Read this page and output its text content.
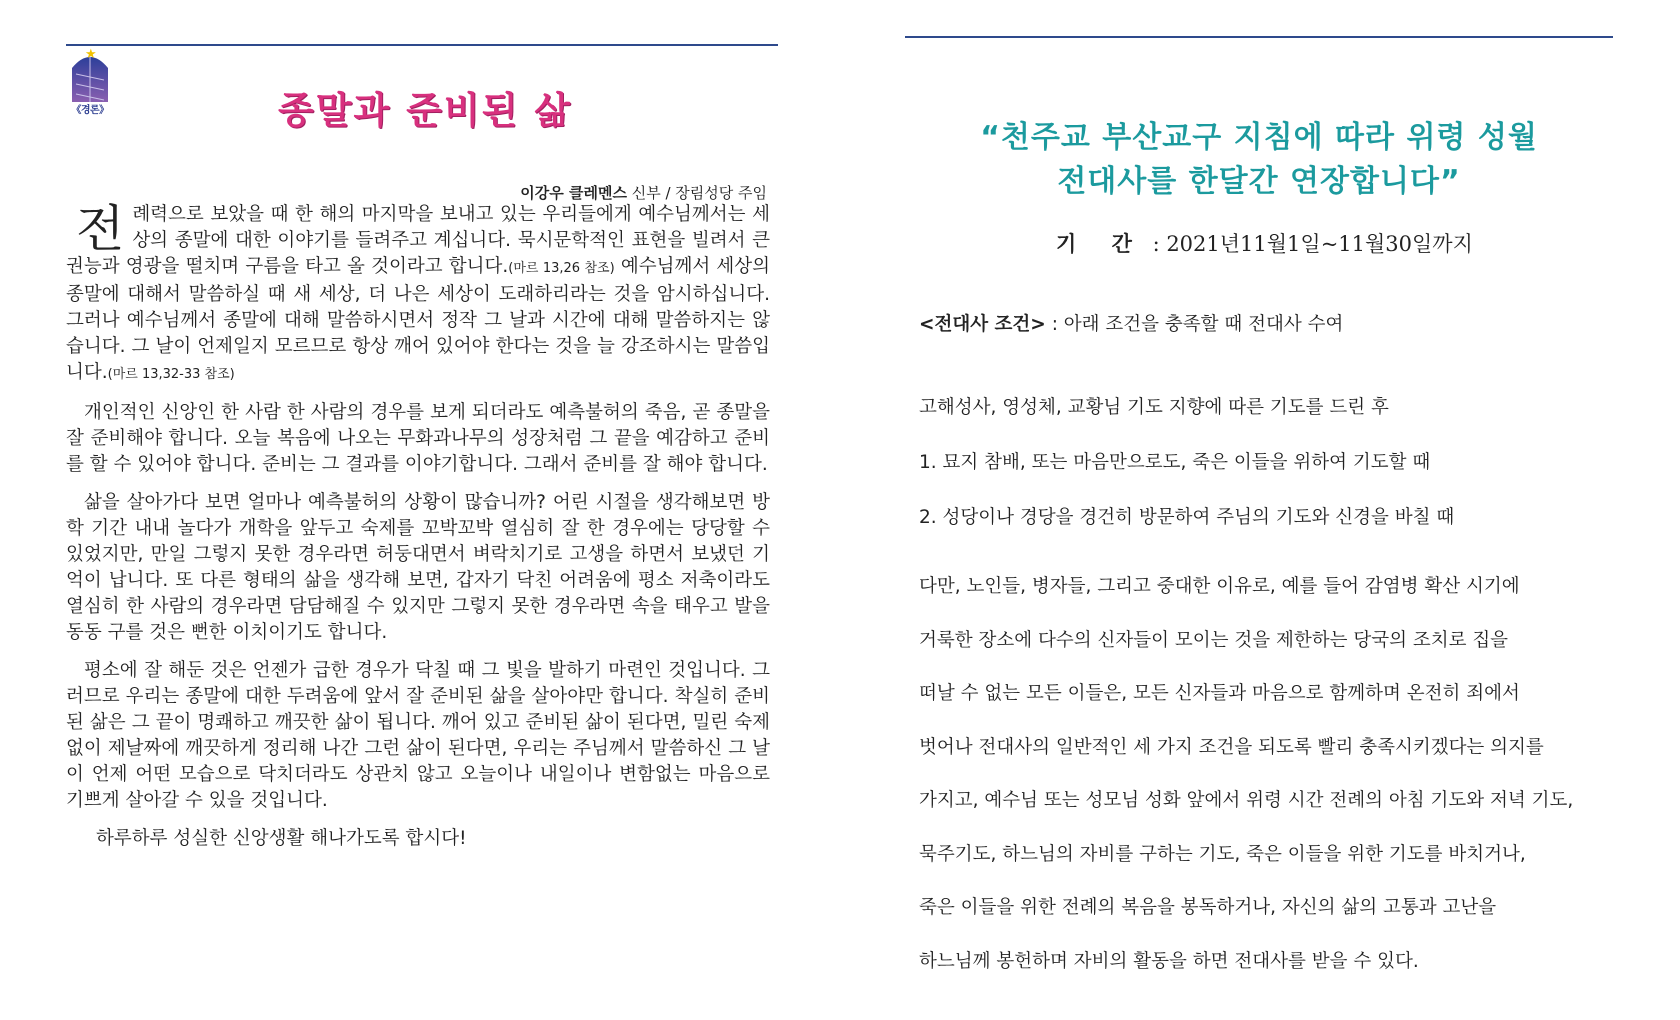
★
《경론》	종말과 준비된 삶
이강우 클레멘스 신부 / 장림성당 주임

전례력으로 보았을 때 한 해의 마지막을 보내고 있는 우리들에게 예수님께서는 세상의 종말에 대한 이야기를 들려주고 계십니다. 묵시문학적인 표현을 빌려서 큰 권능과 영광을 떨치며 구름을 타고 올 것이라고 합니다.(마르 13,26 참조) 예수님께서 세상의 종말에 대해서 말씀하실 때 새 세상, 더 나은 세상이 도래하리라는 것을 암시하십니다. 그러나 예수님께서 종말에 대해 말씀하시면서 정작 그 날과 시간에 대해 말씀하지는 않습니다. 그 날이 언제일지 모르므로 항상 깨어 있어야 한다는 것을 늘 강조하시는 말씀입니다.(마르 13,32-33 참조)

개인적인 신앙인 한 사람 한 사람의 경우를 보게 되더라도 예측불허의 죽음, 곧 종말을 잘 준비해야 합니다. 오늘 복음에 나오는 무화과나무의 성장처럼 그 끝을 예감하고 준비를 할 수 있어야 합니다. 준비는 그 결과를 이야기합니다. 그래서 준비를 잘 해야 합니다.

삶을 살아가다 보면 얼마나 예측불허의 상황이 많습니까? 어린 시절을 생각해보면 방학 기간 내내 놀다가 개학을 앞두고 숙제를 꼬박꼬박 열심히 잘 한 경우에는 당당할 수 있었지만, 만일 그렇지 못한 경우라면 허둥대면서 벼락치기로 고생을 하면서 보냈던 기억이 납니다. 또 다른 형태의 삶을 생각해 보면, 갑자기 닥친 어려움에 평소 저축이라도 열심히 한 사람의 경우라면 담담해질 수 있지만 그렇지 못한 경우라면 속을 태우고 발을 동동 구를 것은 뻔한 이치이기도 합니다.

평소에 잘 해둔 것은 언젠가 급한 경우가 닥칠 때 그 빛을 발하기 마련인 것입니다. 그러므로 우리는 종말에 대한 두려움에 앞서 잘 준비된 삶을 살아야만 합니다. 착실히 준비된 삶은 그 끝이 명쾌하고 깨끗한 삶이 됩니다. 깨어 있고 준비된 삶이 된다면, 밀린 숙제 없이 제날짜에 깨끗하게 정리해 나간 그런 삶이 된다면, 우리는 주님께서 말씀하신 그 날이 언제 어떤 모습으로 닥치더라도 상관치 않고 오늘이나 내일이나 변함없는 마음으로 기쁘게 살아갈 수 있을 것입니다.

하루하루 성실한 신앙생활 해나가도록 합시다!

“천주교 부산교구 지침에 따라 위령 성월
전대사를 한달간 연장합니다”
기 간 : 2021년11월1일~11월30일까지
<전대사 조건> : 아래 조건을 충족할 때 전대사 수여
고해성사, 영성체, 교황님 기도 지향에 따른 기도를 드린 후
1. 묘지 참배, 또는 마음만으로도, 죽은 이들을 위하여 기도할 때
2. 성당이나 경당을 경건히 방문하여 주님의 기도와 신경을 바칠 때
다만, 노인들, 병자들, 그리고 중대한 이유로, 예를 들어 감염병 확산 시기에
거룩한 장소에 다수의 신자들이 모이는 것을 제한하는 당국의 조치로 집을
떠날 수 없는 모든 이들은, 모든 신자들과 마음으로 함께하며 온전히 죄에서
벗어나 전대사의 일반적인 세 가지 조건을 되도록 빨리 충족시키겠다는 의지를
가지고, 예수님 또는 성모님 성화 앞에서 위령 시간 전례의 아침 기도와 저녁 기도,
묵주기도, 하느님의 자비를 구하는 기도, 죽은 이들을 위한 기도를 바치거나,
죽은 이들을 위한 전례의 복음을 봉독하거나, 자신의 삶의 고통과 고난을
하느님께 봉헌하며 자비의 활동을 하면 전대사를 받을 수 있다.
